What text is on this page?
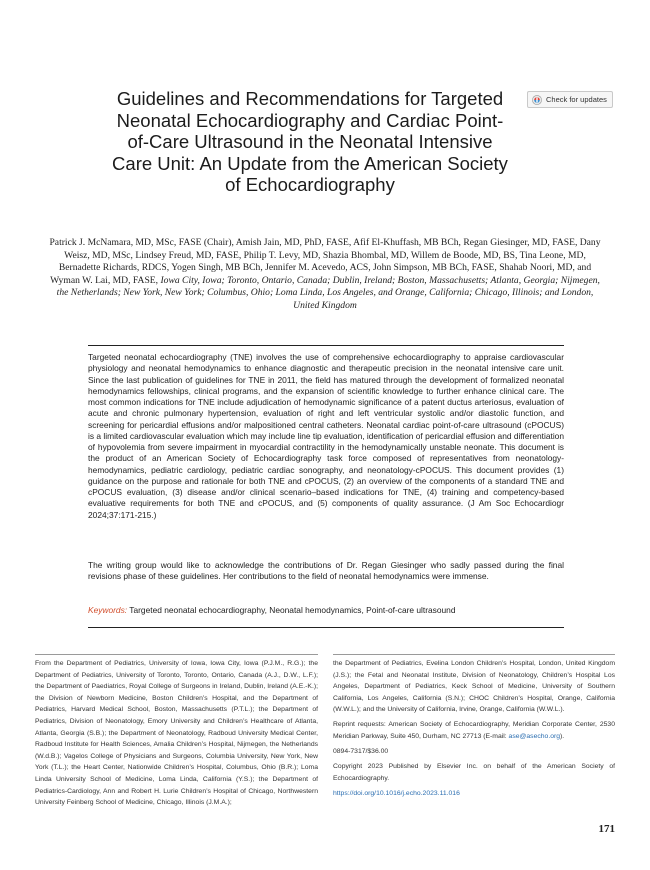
Guidelines and Recommendations for Targeted Neonatal Echocardiography and Cardiac Point-of-Care Ultrasound in the Neonatal Intensive Care Unit: An Update from the American Society of Echocardiography
Check for updates

Patrick J. McNamara, MD, MSc, FASE (Chair), Amish Jain, MD, PhD, FASE, Afif El-Khuffash, MB BCh, Regan Giesinger, MD, FASE, Dany Weisz, MD, MSc, Lindsey Freud, MD, FASE, Philip T. Levy, MD, Shazia Bhombal, MD, Willem de Boode, MD, BS, Tina Leone, MD, Bernadette Richards, RDCS, Yogen Singh, MB BCh, Jennifer M. Acevedo, ACS, John Simpson, MB BCh, FASE, Shahab Noori, MD, and Wyman W. Lai, MD, FASE, Iowa City, Iowa; Toronto, Ontario, Canada; Dublin, Ireland; Boston, Massachusetts; Atlanta, Georgia; Nijmegen, the Netherlands; New York, New York; Columbus, Ohio; Loma Linda, Los Angeles, and Orange, California; Chicago, Illinois; and London, United Kingdom

Targeted neonatal echocardiography (TNE) involves the use of comprehensive echocardiography to appraise cardiovascular physiology and neonatal hemodynamics to enhance diagnostic and therapeutic precision in the neonatal intensive care unit. Since the last publication of guidelines for TNE in 2011, the field has matured through the development of formalized neonatal hemodynamics fellowships, clinical programs, and the expansion of scientific knowledge to further enhance clinical care. The most common indications for TNE include adjudication of hemodynamic significance of a patent ductus arteriosus, evaluation of acute and chronic pulmonary hypertension, evaluation of right and left ventricular systolic and/or diastolic function, and screening for pericardial effusions and/or malpositioned central catheters. Neonatal cardiac point-of-care ultrasound (cPOCUS) is a limited cardiovascular evaluation which may include line tip evaluation, identification of pericardial effusion and differentiation of hypovolemia from severe impairment in myocardial contractility in the hemodynamically unstable neonate. This document is the product of an American Society of Echocardiography task force composed of representatives from neonatology-hemodynamics, pediatric cardiology, pediatric cardiac sonography, and neonatology-cPOCUS. This document provides (1) guidance on the purpose and rationale for both TNE and cPOCUS, (2) an overview of the components of a standard TNE and cPOCUS evaluation, (3) disease and/or clinical scenario–based indications for TNE, (4) training and competency-based evaluative requirements for both TNE and cPOCUS, and (5) components of quality assurance. (J Am Soc Echocardiogr 2024;37:171-215.)

The writing group would like to acknowledge the contributions of Dr. Regan Giesinger who sadly passed during the final revisions phase of these guidelines. Her contributions to the field of neonatal hemodynamics were immense.

Keywords: Targeted neonatal echocardiography, Neonatal hemodynamics, Point-of-care ultrasound

From the Department of Pediatrics, University of Iowa, Iowa City, Iowa (P.J.M., R.G.); the Department of Pediatrics, University of Toronto, Toronto, Ontario, Canada (A.J., D.W., L.F.); the Department of Paediatrics, Royal College of Surgeons in Ireland, Dublin, Ireland (A.E.-K.); the Division of Newborn Medicine, Boston Children’s Hospital, and the Department of Pediatrics, Harvard Medical School, Boston, Massachusetts (P.T.L.); the Department of Pediatrics, Division of Neonatology, Emory University and Children’s Healthcare of Atlanta, Atlanta, Georgia (S.B.); the Department of Neonatology, Radboud University Medical Center, Radboud Institute for Health Sciences, Amalia Children’s Hospital, Nijmegen, the Netherlands (W.d.B.); Vagelos College of Physicians and Surgeons, Columbia University, New York, New York (T.L.); the Heart Center, Nationwide Children’s Hospital, Columbus, Ohio (B.R.); Loma Linda University School of Medicine, Loma Linda, California (Y.S.); the Department of Pediatrics-Cardiology, Ann and Robert H. Lurie Children’s Hospital of Chicago, Northwestern University Feinberg School of Medicine, Chicago, Illinois (J.M.A.);

the Department of Pediatrics, Evelina London Children’s Hospital, London, United Kingdom (J.S.); the Fetal and Neonatal Institute, Division of Neonatology, Children’s Hospital Los Angeles, Department of Pediatrics, Keck School of Medicine, University of Southern California, Los Angeles, California (S.N.); CHOC Children’s Hospital, Orange, California (W.W.L.); and the University of California, Irvine, Orange, California (W.W.L.).

Reprint requests: American Society of Echocardiography, Meridian Corporate Center, 2530 Meridian Parkway, Suite 450, Durham, NC 27713 (E-mail: ase@asecho.org).

0894-7317/$36.00

Copyright 2023 Published by Elsevier Inc. on behalf of the American Society of Echocardiography.

https://doi.org/10.1016/j.echo.2023.11.016

171
